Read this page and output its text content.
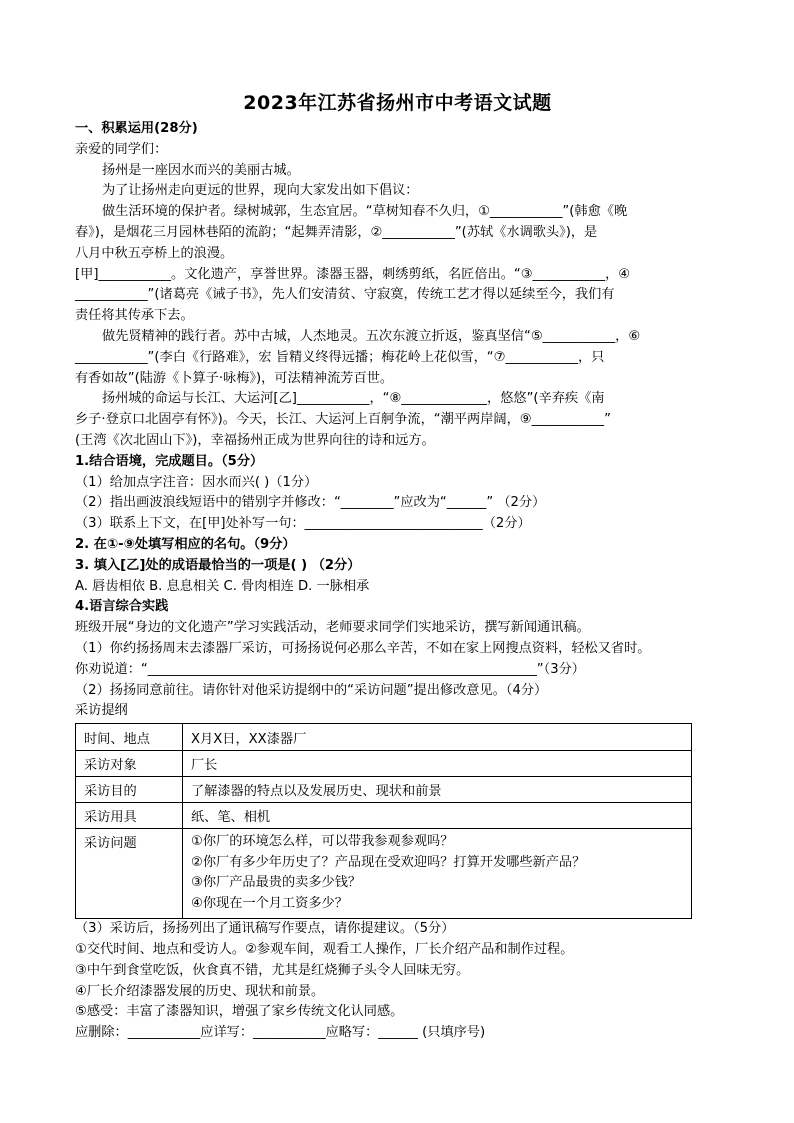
2023年江苏省扬州市中考语文试题
一、积累运用(28分)
亲爱的同学们：
扬州是一座因水而兴的美丽古城。
为了让扬州走向更远的世界，现向大家发出如下倡议：
做生活环境的保护者。绿树城郭，生态宜居。“草树知春不久归，①___________”(韩愈《晚
春》)，是烟花三月园林巷陌的流韵；“起舞弄清影，②___________”(苏轼《水调歌头》)，是
八月中秋五亭桥上的浪漫。
[甲]___________。文化遗产，享誉世界。漆器玉器，刺绣剪纸，名匠倍出。“③___________，④
___________”(诸葛亮《诫子书》，先人们安清贫、守寂寞，传统工艺才得以延续至今，我们有
责任将其传承下去。
做先贤精神的践行者。苏中古城，人杰地灵。五次东渡立折返，鉴真坚信“⑤___________，⑥
___________”(李白《行路难》，宏 旨精义终得远播；梅花岭上花似雪，“⑦___________，只
有香如故”(陆游《卜算子·咏梅》)，可法精神流芳百世。
扬州城的命运与长江、大运河[乙]___________，“⑧_____________，悠悠”(辛弃疾《南
乡子·登京口北固亭有怀》)。今天，长江、大运河上百舸争流，“潮平两岸阔，⑨___________”
(王湾《次北固山下》)，幸福扬州正成为世界向往的诗和远方。
1.结合语境，完成题目。（5分）
（1）给加点字注音：因水而兴( )（1分）
（2）指出画波浪线短语中的错别字并修改：“________”应改为“______” （2分）
（3）联系上下文，在[甲]处补写一句：___________________________（2分）
2. 在①-⑨处填写相应的名句。（9分）
3. 填入[乙]处的成语最恰当的一项是( ) （2分）
A. 唇齿相依 B. 息息相关 C. 骨肉相连 D. 一脉相承
4.语言综合实践
班级开展“身边的文化遗产”学习实践活动，老师要求同学们实地采访，撰写新闻通讯稿。
（1）你约扬扬周末去漆器厂采访，可扬扬说何必那么辛苦，不如在家上网搜点资料，轻松又省时。
你劝说道：“___________________________________________________________”（3分）
（2）扬扬同意前往。请你针对他采访提纲中的“采访问题”提出修改意见。（4分）
采访提纲
时间、地点	X月X日，XX漆器厂
采访对象	厂长
采访目的	了解漆器的特点以及发展历史、现状和前景
采访用具	纸、笔、相机
采访问题	①你厂的环境怎么样，可以带我参观参观吗？
②你厂有多少年历史了？产品现在受欢迎吗？打算开发哪些新产品？
③你厂产品最贵的卖多少钱？
④你现在一个月工资多少？
（3）采访后，扬扬列出了通讯稿写作要点，请你提建议。（5分）
①交代时间、地点和受访人。②参观车间，观看工人操作，厂长介绍产品和制作过程。
③中午到食堂吃饭，伙食真不错，尤其是红烧狮子头令人回味无穷。
④厂长介绍漆器发展的历史、现状和前景。
⑤感受：丰富了漆器知识，增强了家乡传统文化认同感。
应删除：___________应详写：___________应略写：______ (只填序号)
